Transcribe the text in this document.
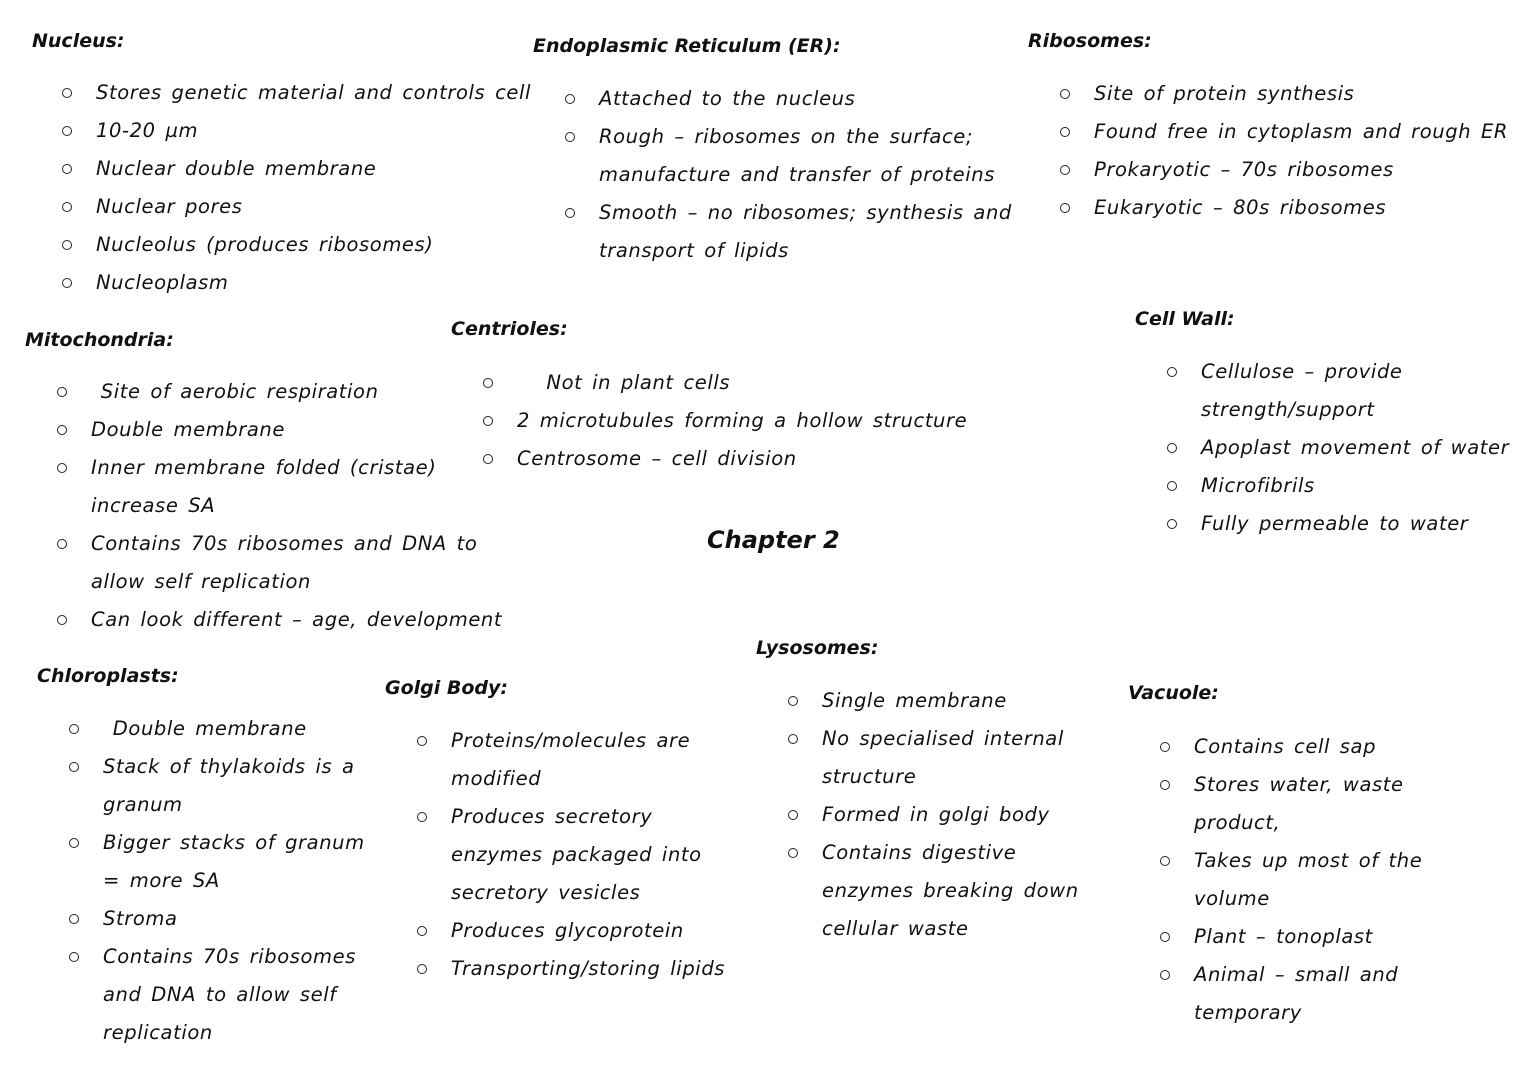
Chapter 2
Nucleus:
Stores genetic material and controls cell
10-20 µm
Nuclear double membrane
Nuclear pores
Nucleolus (produces ribosomes)
Nucleoplasm
Endoplasmic Reticulum (ER):
Attached to the nucleus
Rough – ribosomes on the surface;
manufacture and transfer of proteins
Smooth – no ribosomes; synthesis and
transport of lipids
Ribosomes:
Site of protein synthesis
Found free in cytoplasm and rough ER
Prokaryotic – 70s ribosomes
Eukaryotic – 80s ribosomes
Mitochondria:
Site of aerobic respiration
Double membrane
Inner membrane folded (cristae)
increase SA
Contains 70s ribosomes and DNA to
allow self replication
Can look different – age, development
Centrioles:
Not in plant cells
2 microtubules forming a hollow structure
Centrosome – cell division
Cell Wall:
Cellulose – provide
strength/support
Apoplast movement of water
Microfibrils
Fully permeable to water
Chloroplasts:
Double membrane
Stack of thylakoids is a
granum
Bigger stacks of granum
= more SA
Stroma
Contains 70s ribosomes
and DNA to allow self
replication
Golgi Body:
Proteins/molecules are
modified
Produces secretory
enzymes packaged into
secretory vesicles
Produces glycoprotein
Transporting/storing lipids
Lysosomes:
Single membrane
No specialised internal
structure
Formed in golgi body
Contains digestive
enzymes breaking down
cellular waste
Vacuole:
Contains cell sap
Stores water, waste
product,
Takes up most of the
volume
Plant – tonoplast
Animal – small and
temporary
